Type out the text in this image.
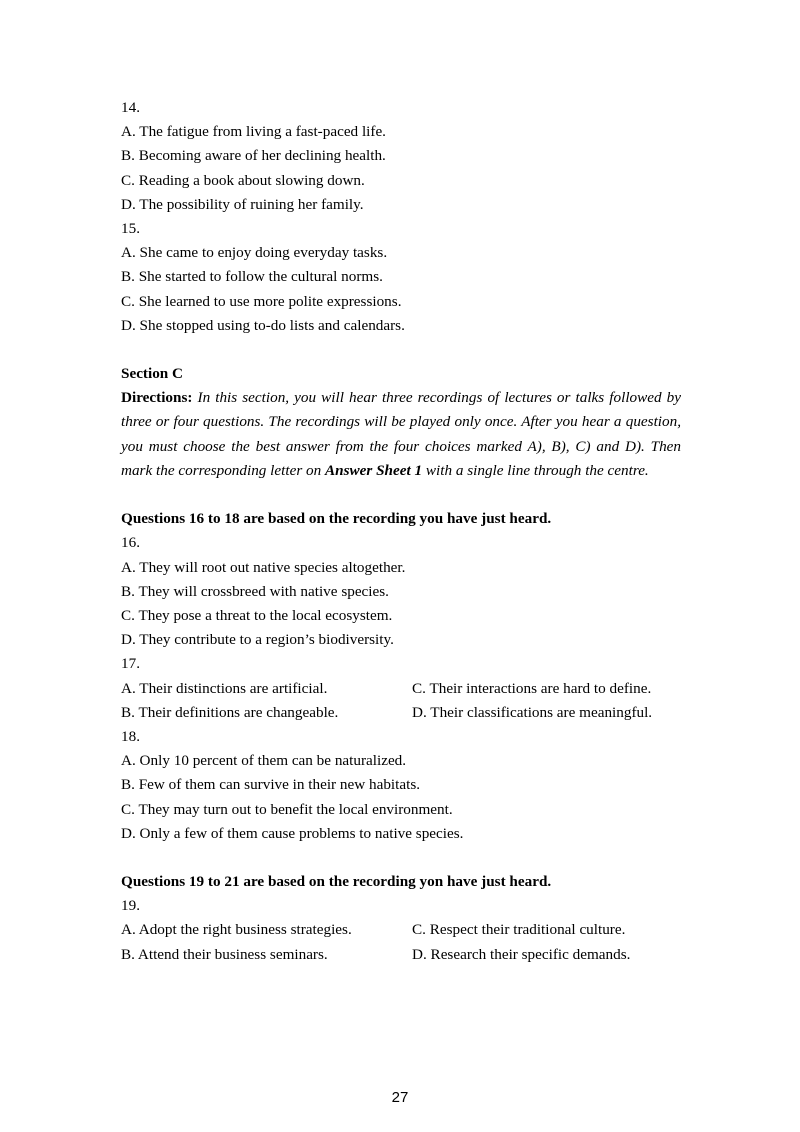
14.
A. The fatigue from living a fast-paced life.
B. Becoming aware of her declining health.
C. Reading a book about slowing down.
D. The possibility of ruining her family.
15.
A. She came to enjoy doing everyday tasks.
B. She started to follow the cultural norms.
C. She learned to use more polite expressions.
D. She stopped using to-do lists and calendars.
Section C
Directions: In this section, you will hear three recordings of lectures or talks followed by three or four questions. The recordings will be played only once. After you hear a question, you must choose the best answer from the four choices marked A), B), C) and D). Then mark the corresponding letter on Answer Sheet 1 with a single line through the centre.
Questions 16 to 18 are based on the recording you have just heard.
16.
A. They will root out native species altogether.
B. They will crossbreed with native species.
C. They pose a threat to the local ecosystem.
D. They contribute to a region’s biodiversity.
17.
A. Their distinctions are artificial.	C. Their interactions are hard to define.
B. Their definitions are changeable.	D. Their classifications are meaningful.
18.
A. Only 10 percent of them can be naturalized.
B. Few of them can survive in their new habitats.
C. They may turn out to benefit the local environment.
D. Only a few of them cause problems to native species.
Questions 19 to 21 are based on the recording yon have just heard.
19.
A. Adopt the right business strategies.	C. Respect their traditional culture.
B. Attend their business seminars.	D. Research their specific demands.
27
